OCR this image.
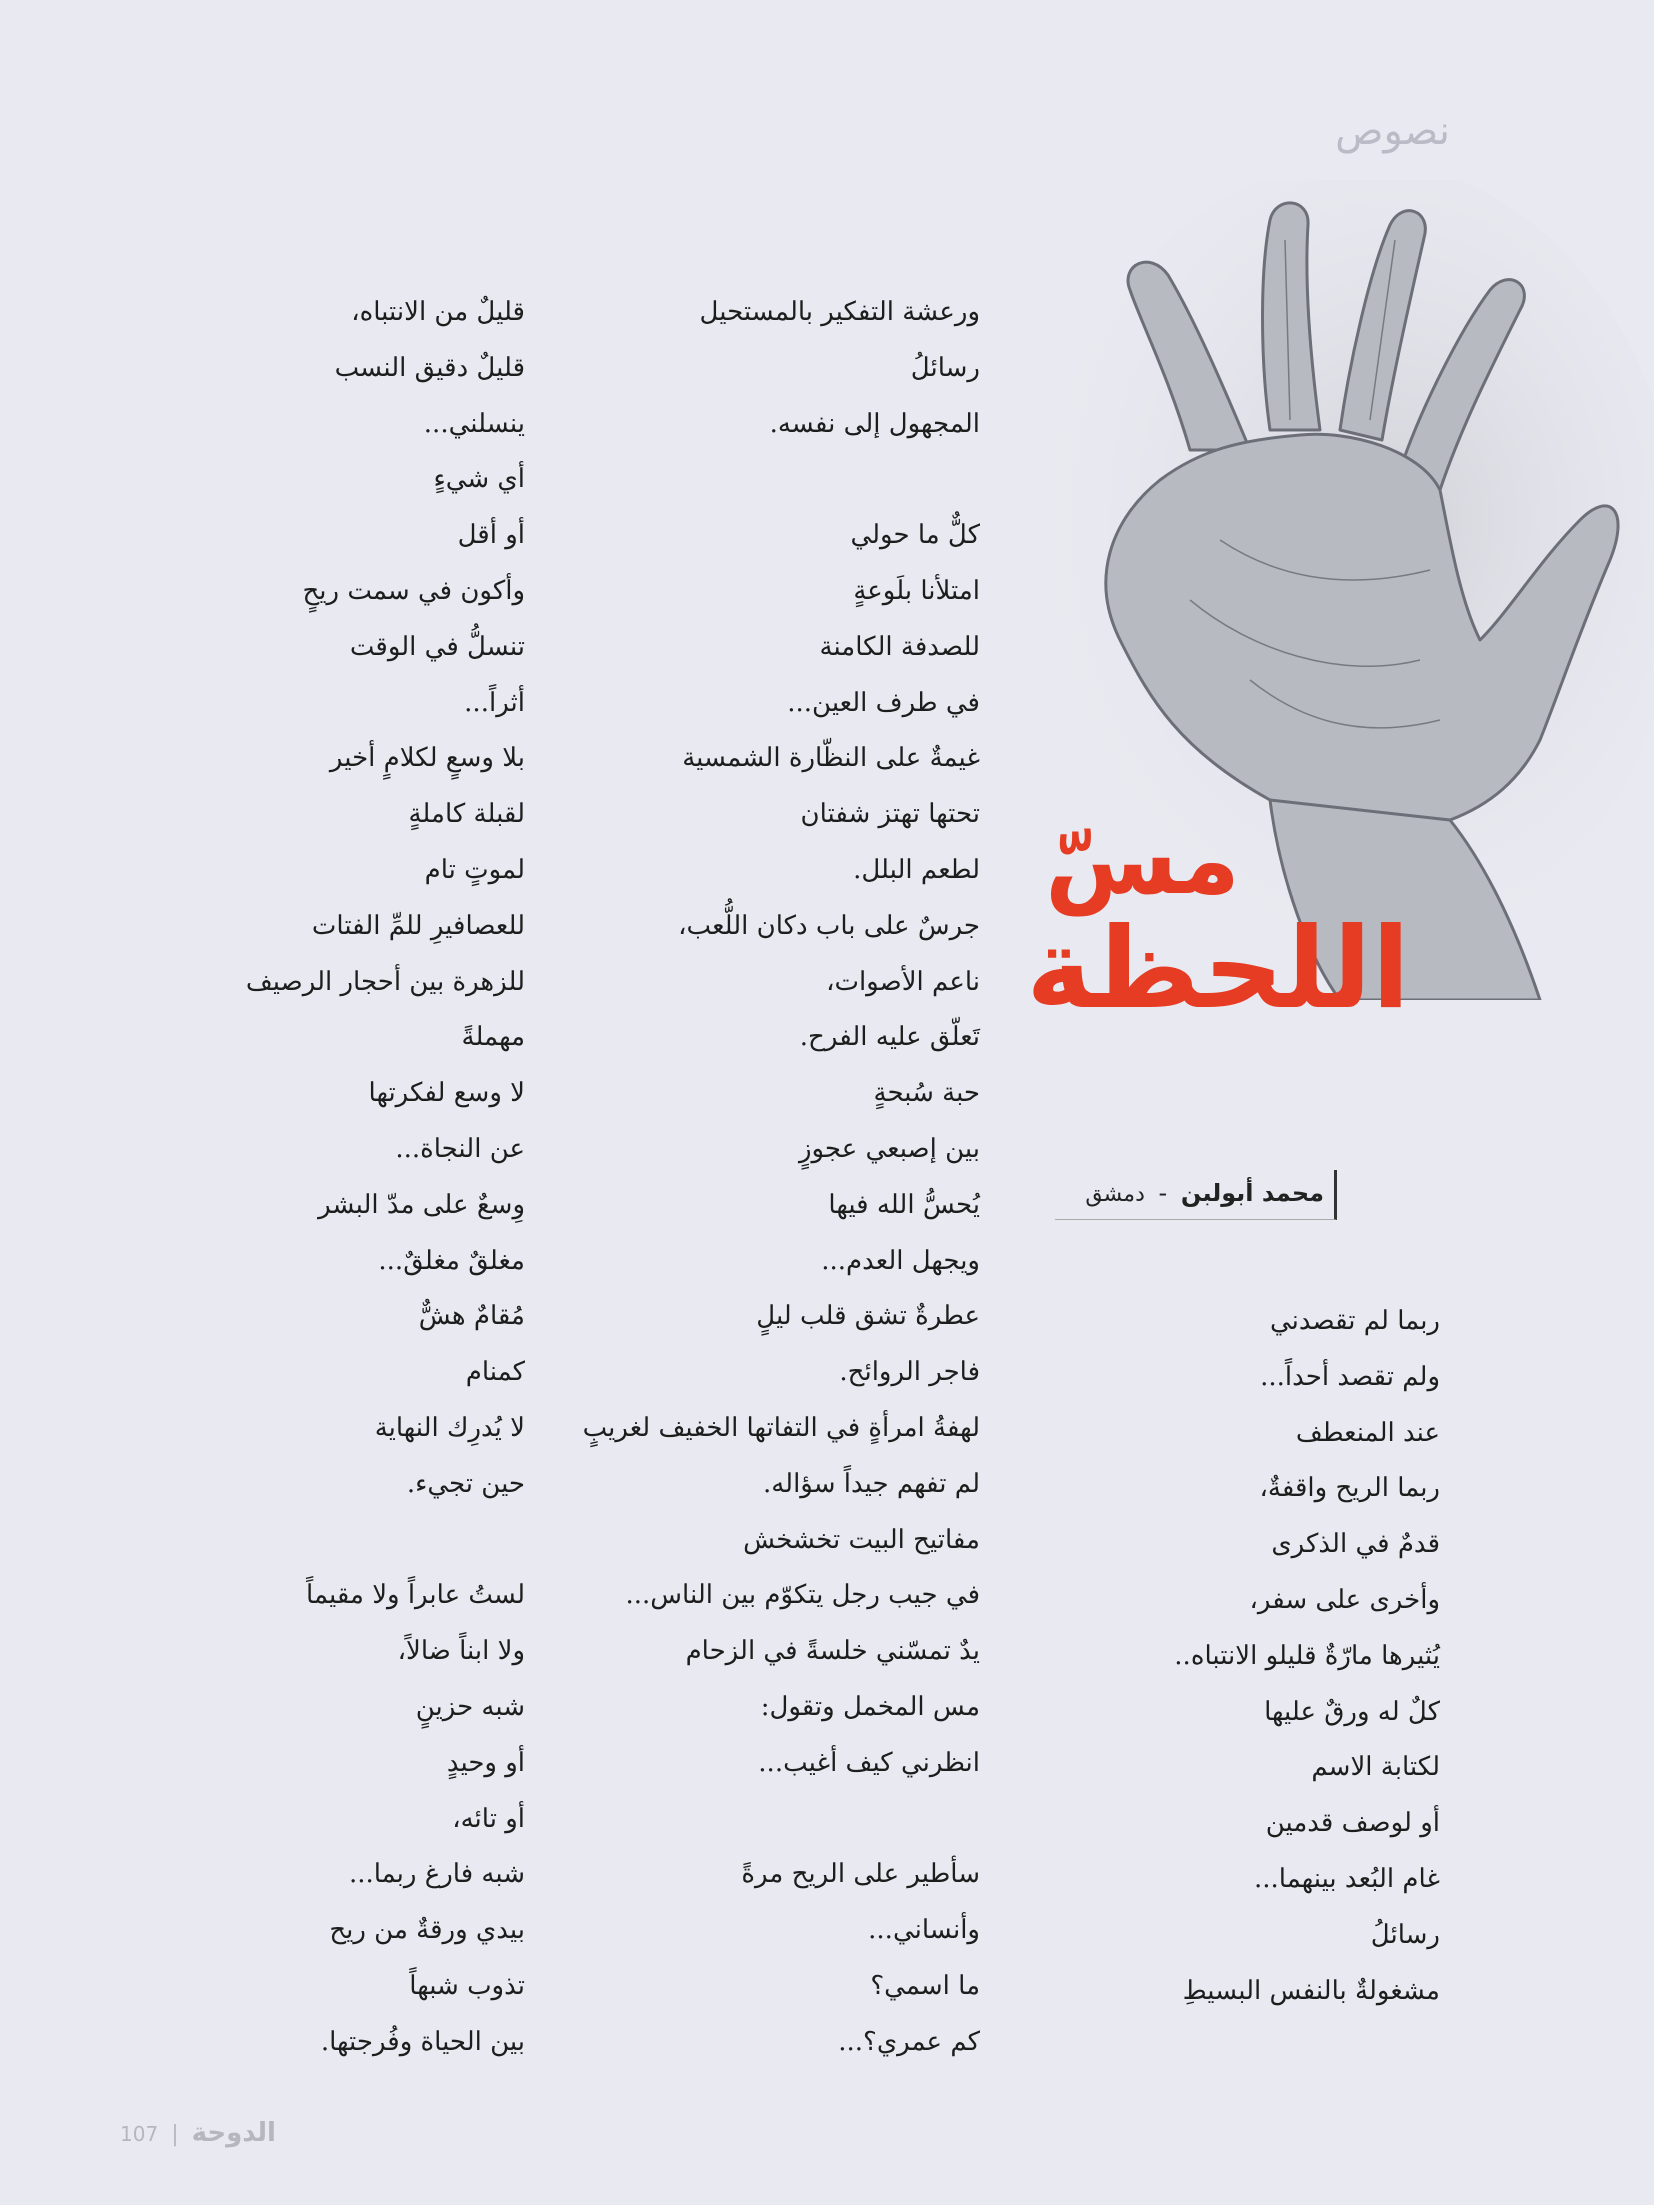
نصوص
مسّ
اللحظة
محمد أبولبن - دمشق
ربما لم تقصدني
ولم تقصد أحداً...
عند المنعطف
ربما الريح واقفةٌ،
قدمٌ في الذكرى
وأخرى على سفر،
يُثيرها مارّةٌ قليلو الانتباه..
كلٌ له ورقٌ عليها
لكتابة الاسم
أو لوصف قدمين
غام البُعد بينهما...
رسائلُ
مشغولةٌ بالنفس البسيطِ
ورعشة التفكير بالمستحيل
رسائلُ
المجهول إلى نفسه.
كلٌّ ما حولي
امتلأنا بلَوعةٍ
للصدفة الكامنة
في طرف العين...
غيمةٌ على النظّارة الشمسية
تحتها تهتز شفتان
لطعم البلل.
جرسٌ على باب دكان اللُّعب،
ناعم الأصوات،
تَعلّق عليه الفرح.
حبة سُبحةٍ
بين إصبعي عجوزٍ
يُحسُّ الله فيها
ويجهل العدم...
عطرةٌ تشق قلب ليلٍ
فاجر الروائح.
لهفةُ امرأةٍ في التفاتها الخفيف لغريبٍ
لم تفهم جيداً سؤاله.
مفاتيح البيت تخشخش
في جيب رجل يتكوّم بين الناس...
يدٌ تمسّني خلسةً في الزحام
مس المخمل وتقول:
انظرني كيف أغيب...
سأطير على الريح مرةً
وأنساني...
ما اسمي؟
كم عمري؟...
قليلٌ من الانتباه،
قليلٌ دقيق النسب
ينسلني...
أي شيءٍ
أو أقل
وأكون في سمت ريحٍ
تنسلُّ في الوقت
أثراً...
بلا وسعٍ لكلامٍ أخير
لقبلة كاملةٍ
لموتٍ تام
للعصافيرِ للمِّ الفتات
للزهرة بين أحجار الرصيف
مهملةً
لا وسع لفكرتها
عن النجاة...
وِسعٌ على مدّ البشر
مغلقٌ مغلقٌ...
مُقامٌ هشٌّ
كمنام
لا يُدرِك النهاية
حين تجيء.
لستُ عابراً ولا مقيماً
ولا ابناً ضالاً،
شبه حزينٍ
أو وحيدٍ
أو تائه،
شبه فارغ ربما...
بيدي ورقةٌ من ريح
تذوب شبهاً
بين الحياة وفُرجتها.
107 | الدوحة
